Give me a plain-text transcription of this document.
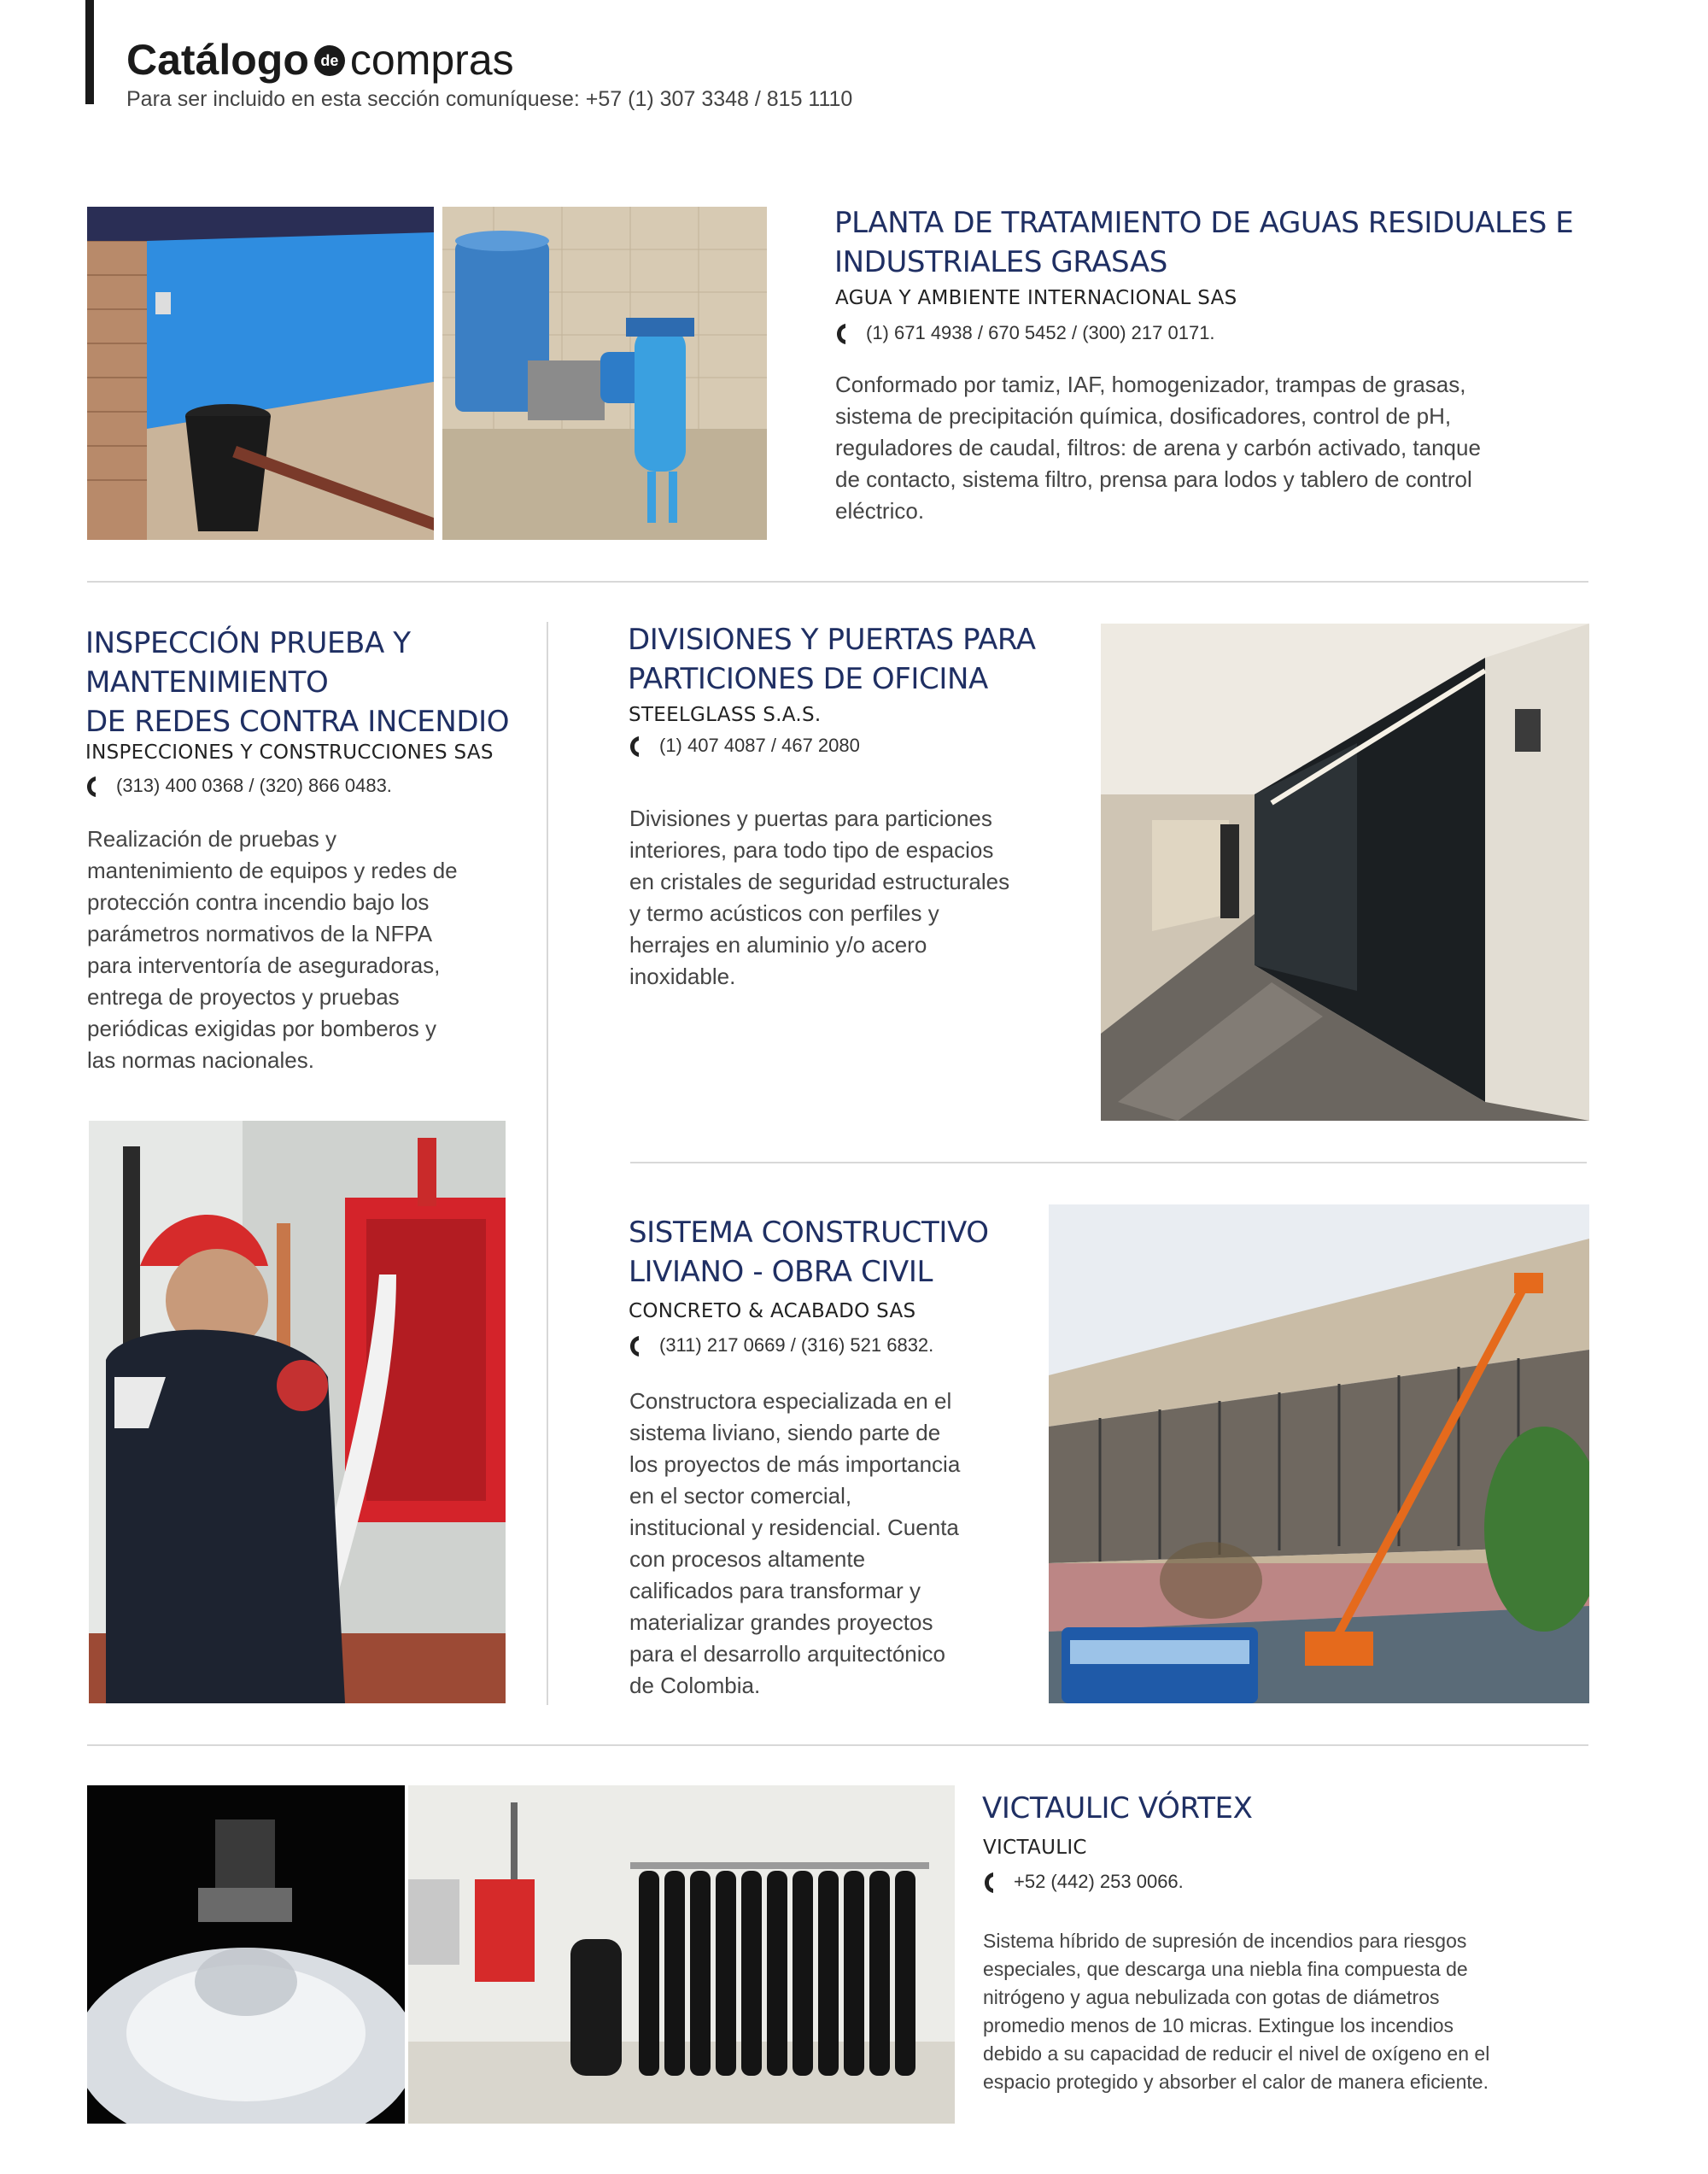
Catálogo de compras
Para ser incluido en esta sección comuníquese: +57 (1) 307 3348 / 815 1110
PLANTA DE TRATAMIENTO DE AGUAS RESIDUALES E
INDUSTRIALES GRASAS
AGUA Y AMBIENTE INTERNACIONAL SAS
(1) 671 4938 / 670 5452 / (300) 217 0171.
Conformado por tamiz, IAF, homogenizador, trampas de grasas,
sistema de precipitación química, dosificadores, control de pH,
reguladores de caudal, filtros: de arena y carbón activado, tanque
de contacto, sistema filtro, prensa para lodos y tablero de control
eléctrico.
INSPECCIÓN PRUEBA Y
MANTENIMIENTO
DE REDES CONTRA INCENDIO
INSPECCIONES Y CONSTRUCCIONES SAS
(313) 400 0368 / (320) 866 0483.
Realización de pruebas y
mantenimiento de equipos y redes de
protección contra incendio bajo los
parámetros normativos de la NFPA
para interventoría de aseguradoras,
entrega de proyectos y pruebas
periódicas exigidas por bomberos y
las normas nacionales.
DIVISIONES Y PUERTAS PARA
PARTICIONES DE OFICINA
STEELGLASS S.A.S.
(1) 407 4087 / 467 2080
Divisiones y puertas para particiones
interiores, para todo tipo de espacios
en cristales de seguridad estructurales
y termo acústicos con perfiles y
herrajes en aluminio y/o acero
inoxidable.
SISTEMA CONSTRUCTIVO
LIVIANO - OBRA CIVIL
CONCRETO & ACABADO SAS
(311) 217 0669 / (316) 521 6832.
Constructora especializada en el
sistema liviano, siendo parte de
los proyectos de más importancia
en el sector comercial,
institucional y residencial. Cuenta
con procesos altamente
calificados para transformar y
materializar grandes proyectos
para el desarrollo arquitectónico
de Colombia.
VICTAULIC VÓRTEX
VICTAULIC
+52 (442) 253 0066.
Sistema híbrido de supresión de incendios para riesgos
especiales, que descarga una niebla fina compuesta de
nitrógeno y agua nebulizada con gotas de diámetros
promedio menos de 10 micras. Extingue los incendios
debido a su capacidad de reducir el nivel de oxígeno en el
espacio protegido y absorber el calor de manera eficiente.
